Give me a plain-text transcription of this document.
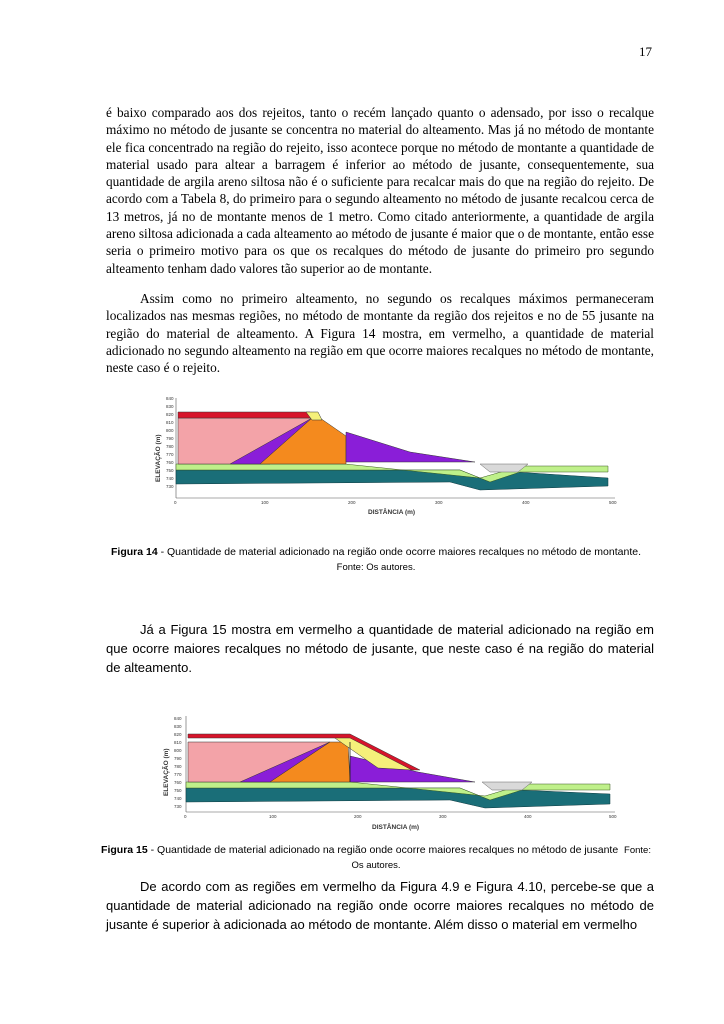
17

é baixo comparado aos dos rejeitos, tanto o recém lançado quanto o adensado, por isso o recalque máximo no método de jusante se concentra no material do alteamento. Mas já no método de montante ele fica concentrado na região do rejeito, isso acontece porque no método de montante a quantidade de material usado para altear a barragem é inferior ao método de jusante, consequentemente, sua quantidade de argila areno siltosa não é o suficiente para recalcar mais do que na região do rejeito. De acordo com a Tabela 8, do primeiro para o segundo alteamento no método de jusante recalcou cerca de 13 metros, já no de montante menos de 1 metro. Como citado anteriormente, a quantidade de argila areno siltosa adicionada a cada alteamento ao método de jusante é maior que o de montante, então esse seria o primeiro motivo para os que os recalques do método de jusante do primeiro pro segundo alteamento tenham dado valores tão superior ao de montante.

Assim como no primeiro alteamento, no segundo os recalques máximos permaneceram localizados nas mesmas regiões, no método de montante da região dos rejeitos e no de 55 jusante na região do material de alteamento. A Figura 14 mostra, em vermelho, a quantidade de material adicionado no segundo alteamento na região em que ocorre maiores recalques no método de montante, neste caso é o rejeito.

840
830
820
810
800
790
780
770
760
750
740
730
0	100	200	300	400	500
ELEVAÇÃO (m)
DISTÂNCIA (m)

Figura 14 - Quantidade de material adicionado na região onde ocorre maiores recalques no método de montante.
Fonte: Os autores.

Já a Figura 15 mostra em vermelho a quantidade de material adicionado na região em que ocorre maiores recalques no método de jusante, que neste caso é na região do material de alteamento.

840
830
820
810
800
790
780
770
760
750
740
730
0	100	200	300	400	500
ELEVAÇÃO (m)
DISTÂNCIA (m)

Figura 15 - Quantidade de material adicionado na região onde ocorre maiores recalques no método de jusante Fonte: Os autores.

De acordo com as regiões em vermelho da Figura 4.9 e Figura 4.10, percebe-se que a quantidade de material adicionado na região onde ocorre maiores recalques no método de jusante é superior à adicionada ao método de montante. Além disso o material em vermelho
